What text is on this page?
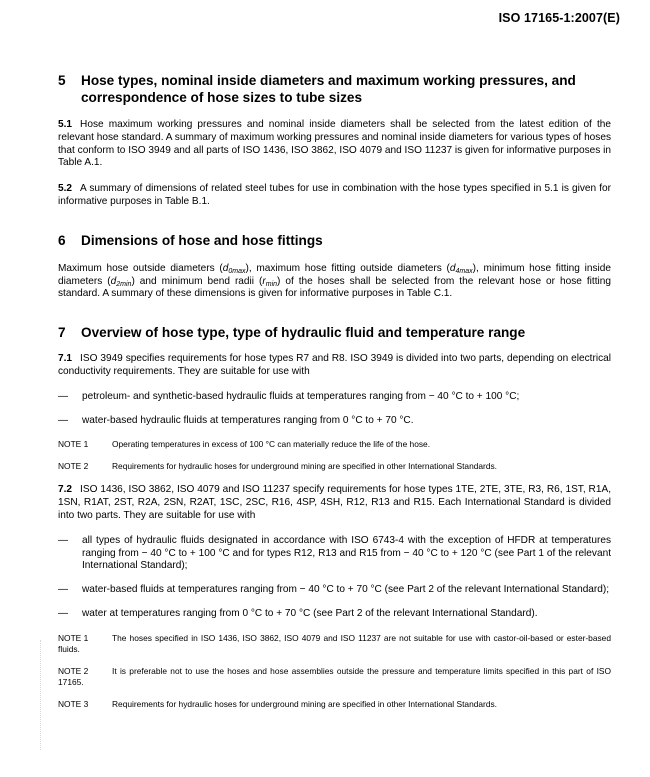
ISO 17165-1:2007(E)
5	Hose types, nominal inside diameters and maximum working pressures, and correspondence of hose sizes to tube sizes

5.1 Hose maximum working pressures and nominal inside diameters shall be selected from the latest edition of the relevant hose standard. A summary of maximum working pressures and nominal inside diameters for various types of hoses that conform to ISO 3949 and all parts of ISO 1436, ISO 3862, ISO 4079 and ISO 11237 is given for informative purposes in Table A.1.

5.2 A summary of dimensions of related steel tubes for use in combination with the hose types specified in 5.1 is given for informative purposes in Table B.1.

6	Dimensions of hose and hose fittings

Maximum hose outside diameters $(d_{0max})$, maximum hose fitting outside diameters $(d_{4max})$, minimum hose fitting inside diameters $(d_{2min})$ and minimum bend radii $(r_{min})$ of the hoses shall be selected from the relevant hose or hose fitting standard. A summary of these dimensions is given for informative purposes in Table C.1.

7	Overview of hose type, type of hydraulic fluid and temperature range

7.1 ISO 3949 specifies requirements for hose types R7 and R8. ISO 3949 is divided into two parts, depending on electrical conductivity requirements. They are suitable for use with

—	petroleum- and synthetic-based hydraulic fluids at temperatures ranging from − 40 °C to + 100 °C;
—	water-based hydraulic fluids at temperatures ranging from 0 °C to + 70 °C.

NOTE 1	Operating temperatures in excess of 100 °C can materially reduce the life of the hose.

NOTE 2	Requirements for hydraulic hoses for underground mining are specified in other International Standards.

7.2 ISO 1436, ISO 3862, ISO 4079 and ISO 11237 specify requirements for hose types 1TE, 2TE, 3TE, R3, R6, 1ST, R1A, 1SN, R1AT, 2ST, R2A, 2SN, R2AT, 1SC, 2SC, R16, 4SP, 4SH, R12, R13 and R15. Each International Standard is divided into two parts. They are suitable for use with

—	all types of hydraulic fluids designated in accordance with ISO 6743-4 with the exception of HFDR at temperatures ranging from − 40 °C to + 100 °C and for types R12, R13 and R15 from − 40 °C to + 120 °C (see Part 1 of the relevant International Standard);
—	water-based fluids at temperatures ranging from − 40 °C to + 70 °C (see Part 2 of the relevant International Standard);
—	water at temperatures ranging from 0 °C to + 70 °C (see Part 2 of the relevant International Standard).

NOTE 1	The hoses specified in ISO 1436, ISO 3862, ISO 4079 and ISO 11237 are not suitable for use with castor-oil-based or ester-based fluids.

NOTE 2	It is preferable not to use the hoses and hose assemblies outside the pressure and temperature limits specified in this part of ISO 17165.

NOTE 3	Requirements for hydraulic hoses for underground mining are specified in other International Standards.
